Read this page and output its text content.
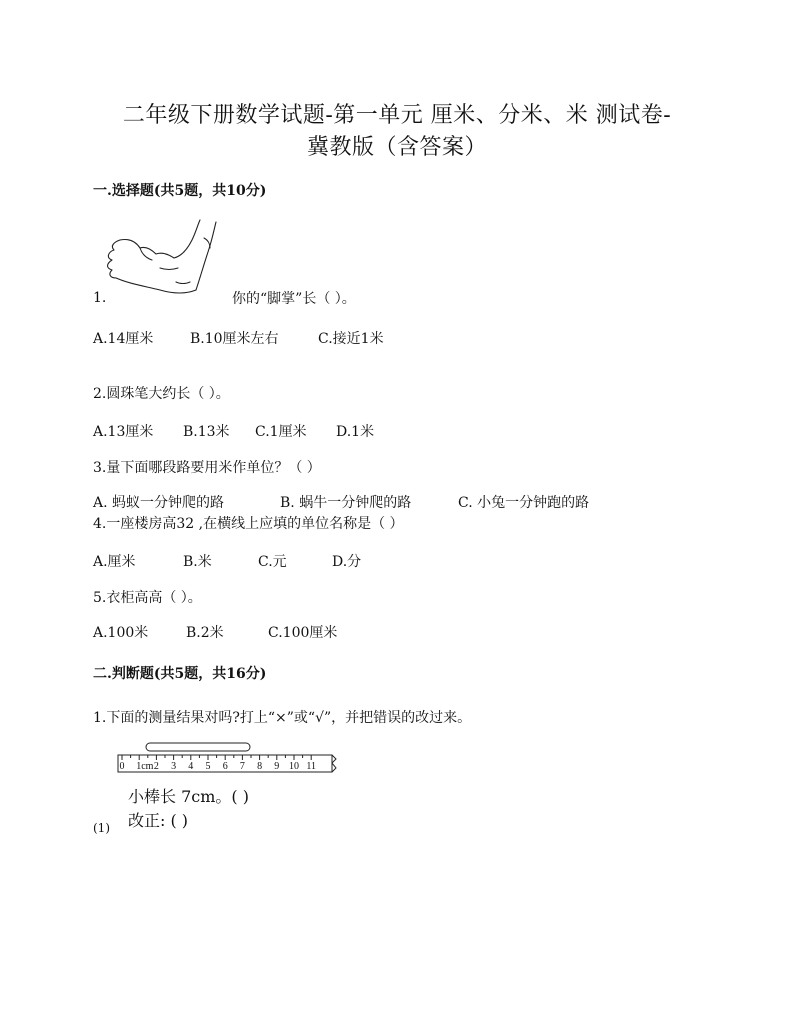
二年级下册数学试题-第一单元 厘米、分米、米 测试卷-
冀教版（含答案）
一.选择题(共5题，共10分)
1.	你的“脚掌”长（ ）。
A.14厘米	B.10厘米左右	C.接近1米
2.圆珠笔大约长（ ）。
A.13厘米 B.13米 C.1厘米 D.1米
3.量下面哪段路要用米作单位？（ ）
A. 蚂蚁一分钟爬的路	B. 蜗牛一分钟爬的路	C. 小兔一分钟跑的路
4.一座楼房高32 ,在横线上应填的单位名称是（ ）
A.厘米	B.米	C.元	D.分
5.衣柜高高（ ）。
A.100米	B.2米	C.100厘米
二.判断题(共5题，共16分)
1.下面的测量结果对吗?打上“×”或“√”，并把错误的改过来。
0 1cm 2 3 4 5 6 7 8 9 10 11
小棒长 7cm。( )
改正: ( )
(1)
